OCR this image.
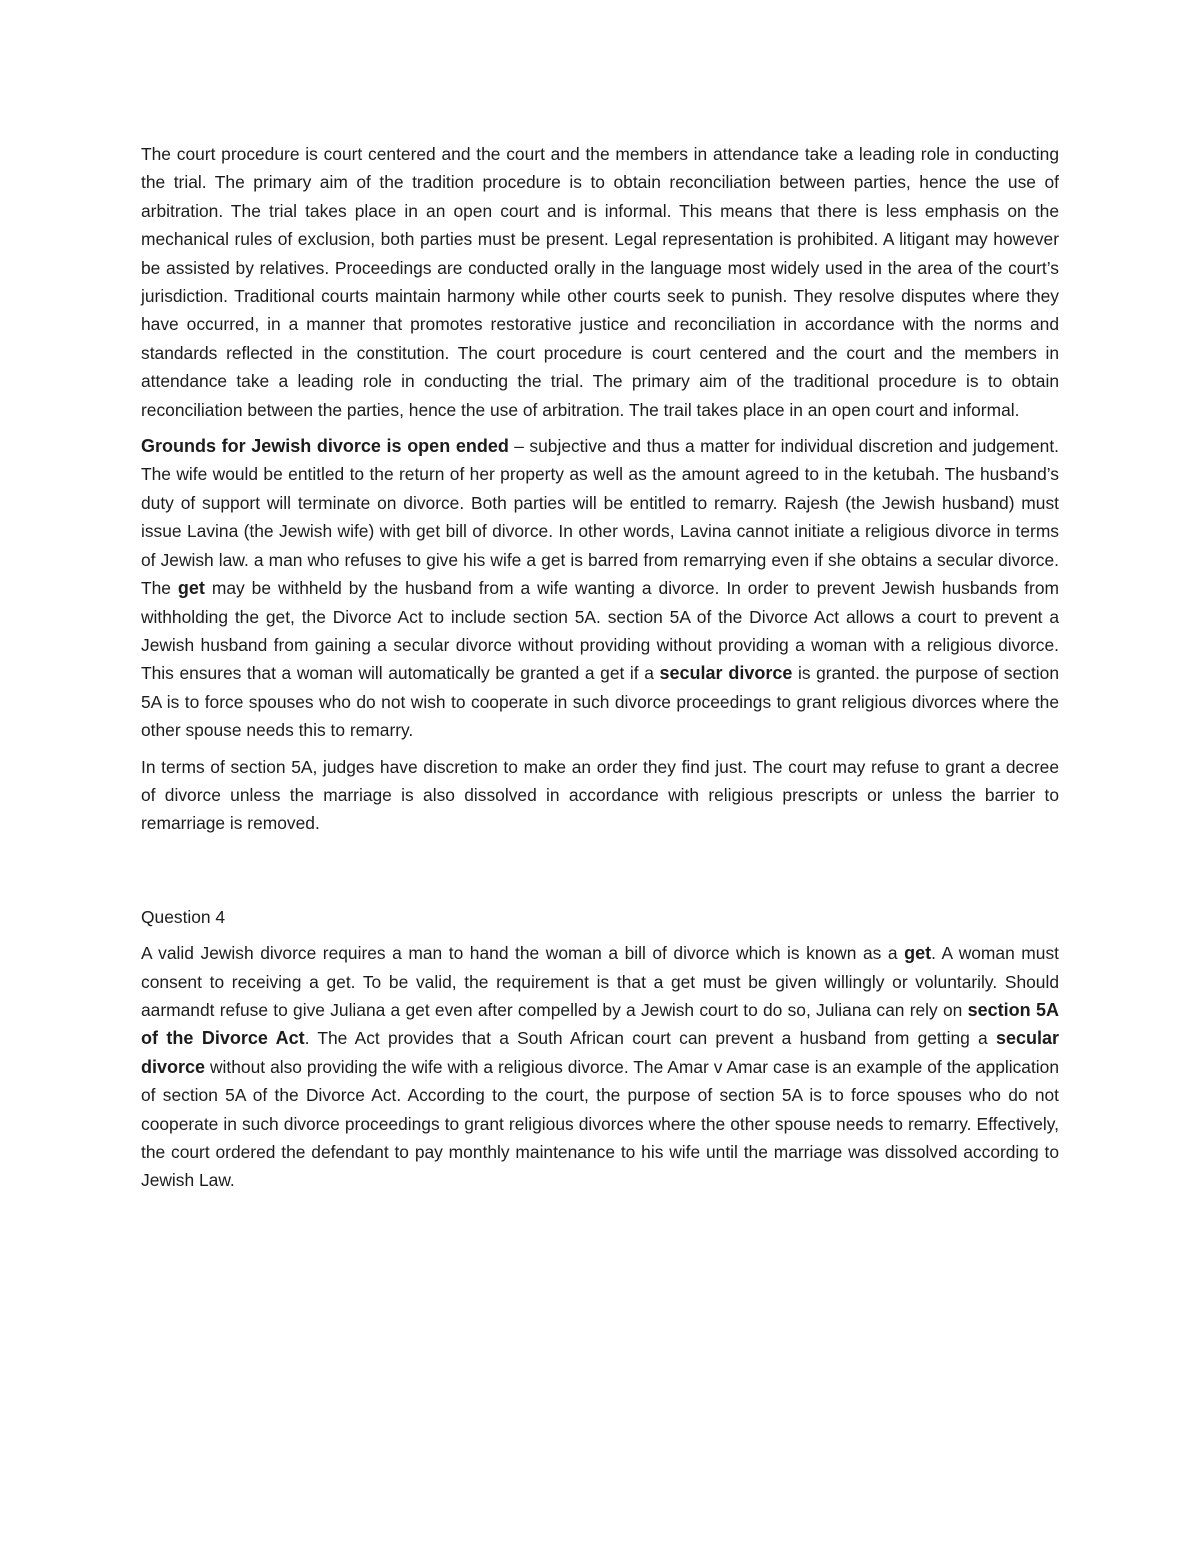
The court procedure is court centered and the court and the members in attendance take a leading role in conducting the trial. The primary aim of the tradition procedure is to obtain reconciliation between parties, hence the use of arbitration. The trial takes place in an open court and is informal. This means that there is less emphasis on the mechanical rules of exclusion, both parties must be present. Legal representation is prohibited. A litigant may however be assisted by relatives. Proceedings are conducted orally in the language most widely used in the area of the court’s jurisdiction. Traditional courts maintain harmony while other courts seek to punish. They resolve disputes where they have occurred, in a manner that promotes restorative justice and reconciliation in accordance with the norms and standards reflected in the constitution. The court procedure is court centered and the court and the members in attendance take a leading role in conducting the trial. The primary aim of the traditional procedure is to obtain reconciliation between the parties, hence the use of arbitration. The trail takes place in an open court and informal.

Grounds for Jewish divorce is open ended – subjective and thus a matter for individual discretion and judgement. The wife would be entitled to the return of her property as well as the amount agreed to in the ketubah. The husband’s duty of support will terminate on divorce. Both parties will be entitled to remarry. Rajesh (the Jewish husband) must issue Lavina (the Jewish wife) with get bill of divorce. In other words, Lavina cannot initiate a religious divorce in terms of Jewish law. a man who refuses to give his wife a get is barred from remarrying even if she obtains a secular divorce. The get may be withheld by the husband from a wife wanting a divorce. In order to prevent Jewish husbands from withholding the get, the Divorce Act to include section 5A. section 5A of the Divorce Act allows a court to prevent a Jewish husband from gaining a secular divorce without providing without providing a woman with a religious divorce. This ensures that a woman will automatically be granted a get if a secular divorce is granted. the purpose of section 5A is to force spouses who do not wish to cooperate in such divorce proceedings to grant religious divorces where the other spouse needs this to remarry.

In terms of section 5A, judges have discretion to make an order they find just. The court may refuse to grant a decree of divorce unless the marriage is also dissolved in accordance with religious prescripts or unless the barrier to remarriage is removed.

Question 4

A valid Jewish divorce requires a man to hand the woman a bill of divorce which is known as a get. A woman must consent to receiving a get. To be valid, the requirement is that a get must be given willingly or voluntarily. Should aarmandt refuse to give Juliana a get even after compelled by a Jewish court to do so, Juliana can rely on section 5A of the Divorce Act. The Act provides that a South African court can prevent a husband from getting a secular divorce without also providing the wife with a religious divorce. The Amar v Amar case is an example of the application of section 5A of the Divorce Act. According to the court, the purpose of section 5A is to force spouses who do not cooperate in such divorce proceedings to grant religious divorces where the other spouse needs to remarry. Effectively, the court ordered the defendant to pay monthly maintenance to his wife until the marriage was dissolved according to Jewish Law.
